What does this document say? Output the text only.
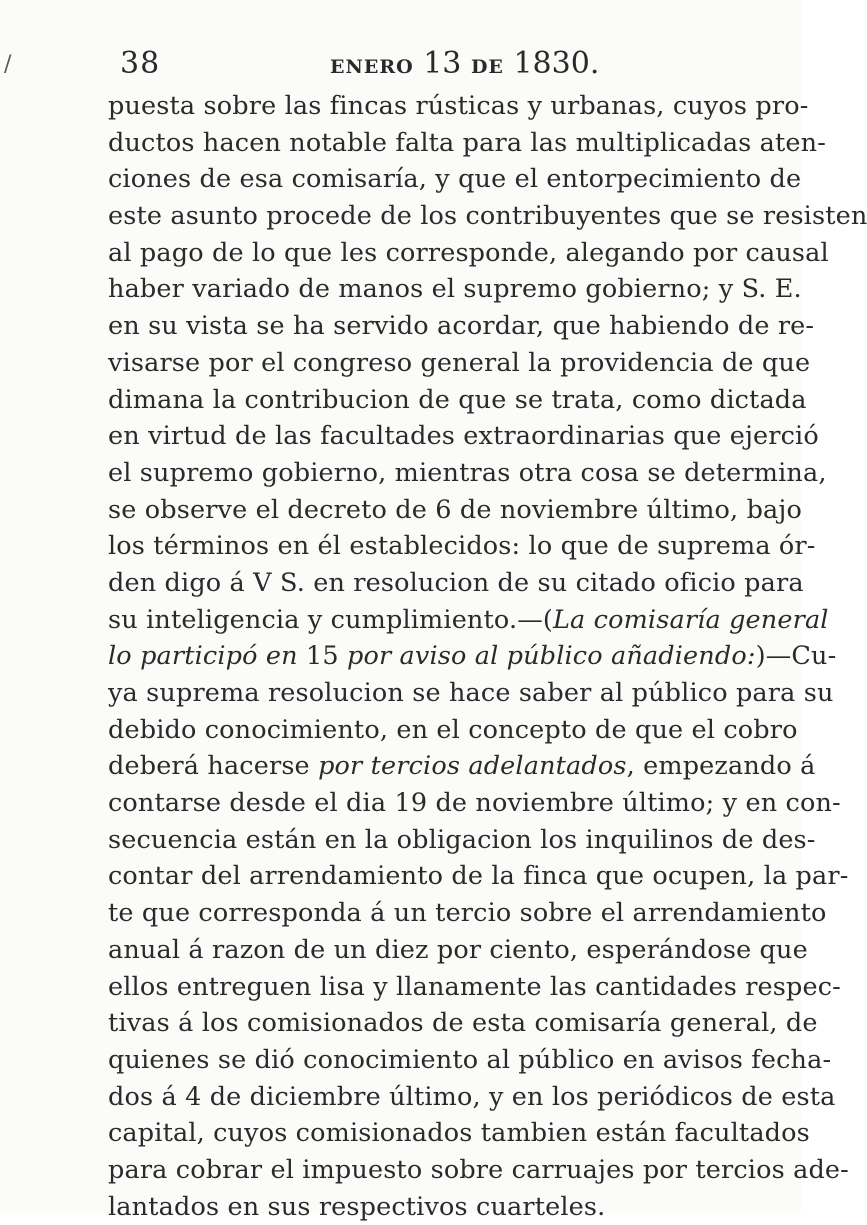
/	38	ENERO 13 DE 1830.
puesta sobre las fincas rústicas y urbanas, cuyos pro-
ductos hacen notable falta para las multiplicadas aten-
ciones de esa comisaría, y que el entorpecimiento de
este asunto procede de los contribuyentes que se resisten
al pago de lo que les corresponde, alegando por causal
haber variado de manos el supremo gobierno; y S. E.
en su vista se ha servido acordar, que habiendo de re-
visarse por el congreso general la providencia de que
dimana la contribucion de que se trata, como dictada
en virtud de las facultades extraordinarias que ejerció
el supremo gobierno, mientras otra cosa se determina,
se observe el decreto de 6 de noviembre último, bajo
los términos en él establecidos: lo que de suprema ór-
den digo á V S. en resolucion de su citado oficio para
su inteligencia y cumplimiento.—(La comisaría general
lo participó en 15 por aviso al público añadiendo:)—Cu-
ya suprema resolucion se hace saber al público para su
debido conocimiento, en el concepto de que el cobro
deberá hacerse por tercios adelantados, empezando á
contarse desde el dia 19 de noviembre último; y en con-
secuencia están en la obligacion los inquilinos de des-
contar del arrendamiento de la finca que ocupen, la par-
te que corresponda á un tercio sobre el arrendamiento
anual á razon de un diez por ciento, esperándose que
ellos entreguen lisa y llanamente las cantidades respec-
tivas á los comisionados de esta comisaría general, de
quienes se dió conocimiento al público en avisos fecha-
dos á 4 de diciembre último, y en los periódicos de esta
capital, cuyos comisionados tambien están facultados
para cobrar el impuesto sobre carruajes por tercios ade-
lantados en sus respectivos cuarteles.
